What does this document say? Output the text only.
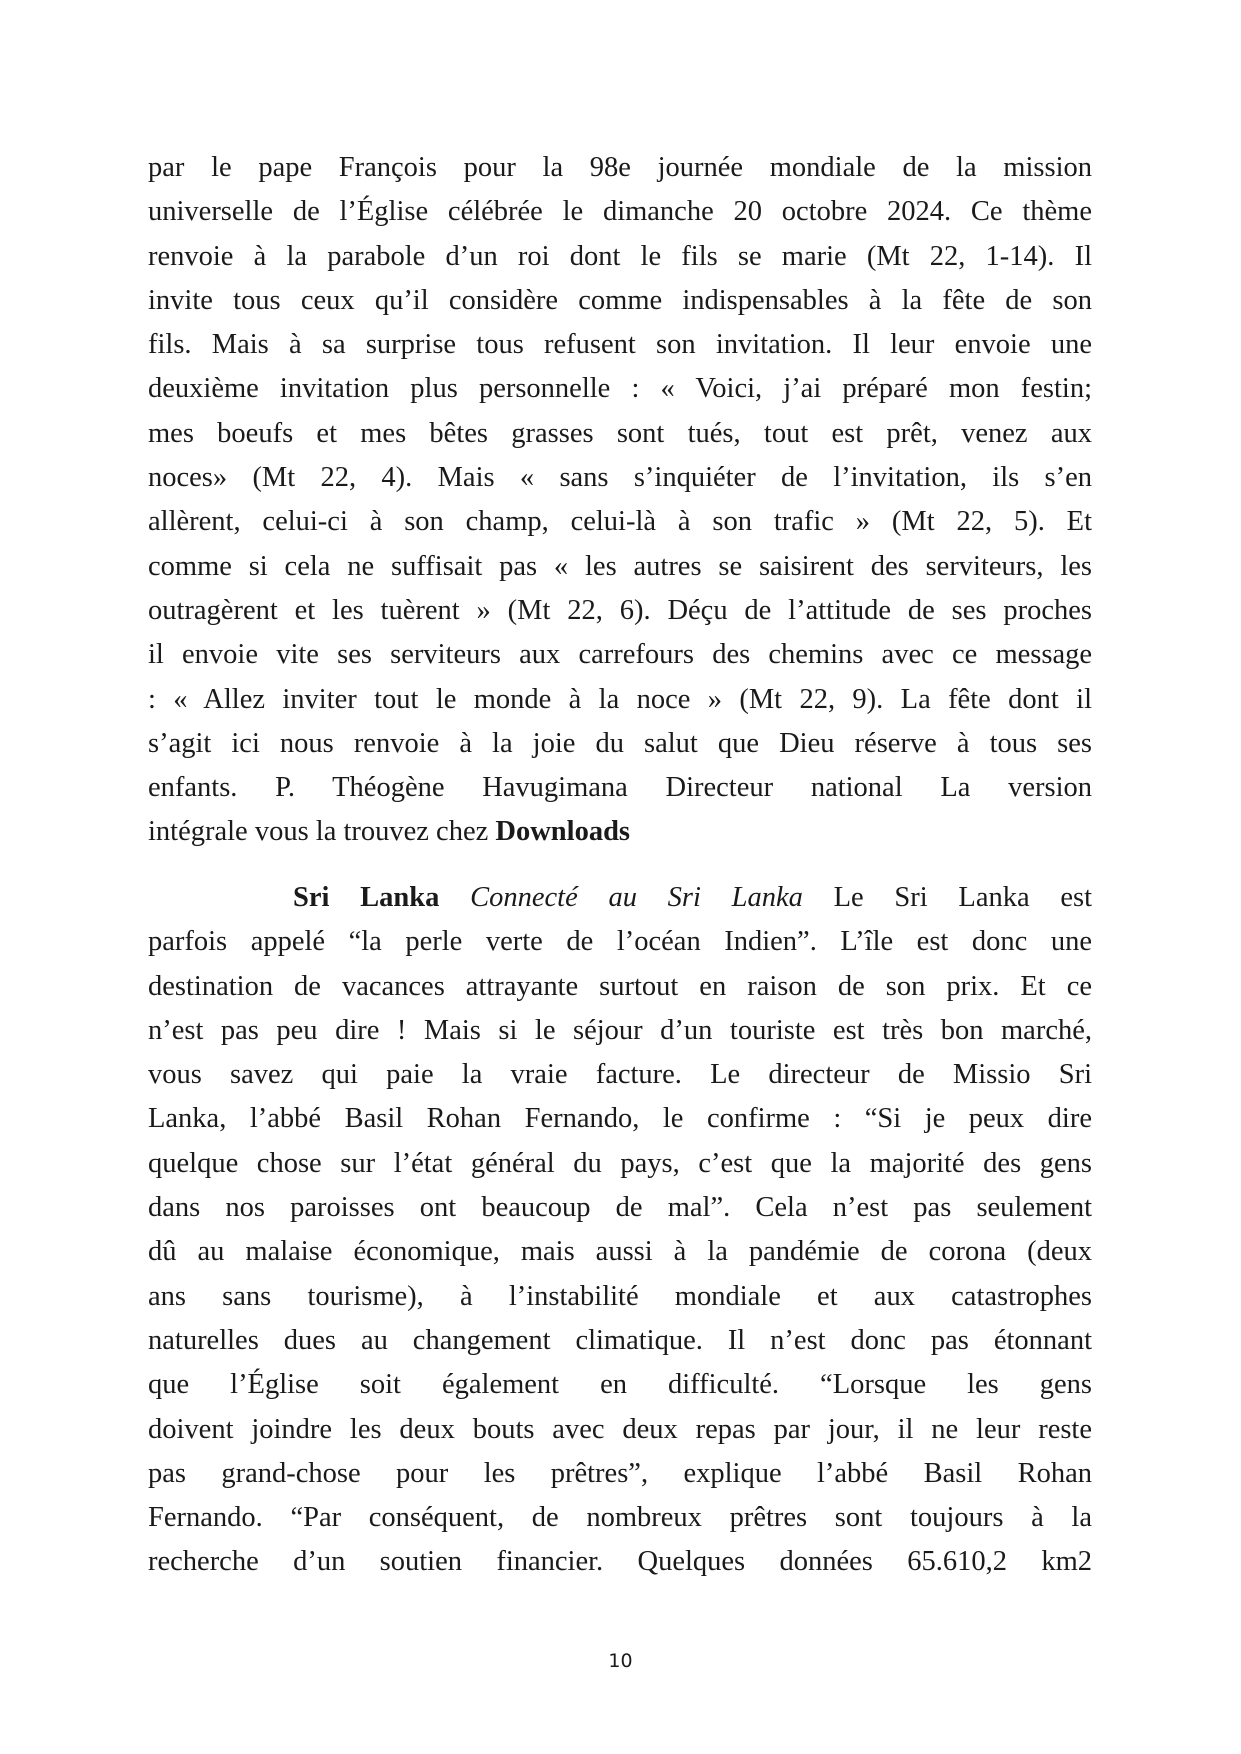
par le pape François pour la 98e journée mondiale de la mission
universelle de l’Église célébrée le dimanche 20 octobre 2024. Ce thème
renvoie à la parabole d’un roi dont le fils se marie (Mt 22, 1-14). Il
invite tous ceux qu’il considère comme indispensables à la fête de son
fils. Mais à sa surprise tous refusent son invitation. Il leur envoie une
deuxième invitation plus personnelle : « Voici, j’ai préparé mon festin;
mes boeufs et mes bêtes grasses sont tués, tout est prêt, venez aux
noces» (Mt 22, 4). Mais « sans s’inquiéter de l’invitation, ils s’en
allèrent, celui-ci à son champ, celui-là à son trafic » (Mt 22, 5). Et
comme si cela ne suffisait pas « les autres se saisirent des serviteurs, les
outragèrent et les tuèrent » (Mt 22, 6). Déçu de l’attitude de ses proches
il envoie vite ses serviteurs aux carrefours des chemins avec ce message
: « Allez inviter tout le monde à la noce » (Mt 22, 9). La fête dont il
s’agit ici nous renvoie à la joie du salut que Dieu réserve à tous ses
enfants. P. Théogène Havugimana Directeur national La version
intégrale vous la trouvez chez Downloads
Sri Lanka Connecté au Sri Lanka Le Sri Lanka est
parfois appelé “la perle verte de l’océan Indien”. L’île est donc une
destination de vacances attrayante surtout en raison de son prix. Et ce
n’est pas peu dire ! Mais si le séjour d’un touriste est très bon marché,
vous savez qui paie la vraie facture. Le directeur de Missio Sri
Lanka, l’abbé Basil Rohan Fernando, le confirme : “Si je peux dire
quelque chose sur l’état général du pays, c’est que la majorité des gens
dans nos paroisses ont beaucoup de mal”. Cela n’est pas seulement
dû au malaise économique, mais aussi à la pandémie de corona (deux
ans sans tourisme), à l’instabilité mondiale et aux catastrophes
naturelles dues au changement climatique. Il n’est donc pas étonnant
que l’Église soit également en difficulté. “Lorsque les gens
doivent joindre les deux bouts avec deux repas par jour, il ne leur reste
pas grand-chose pour les prêtres”, explique l’abbé Basil Rohan
Fernando. “Par conséquent, de nombreux prêtres sont toujours à la
recherche d’un soutien financier. Quelques données 65.610,2 km2
10
